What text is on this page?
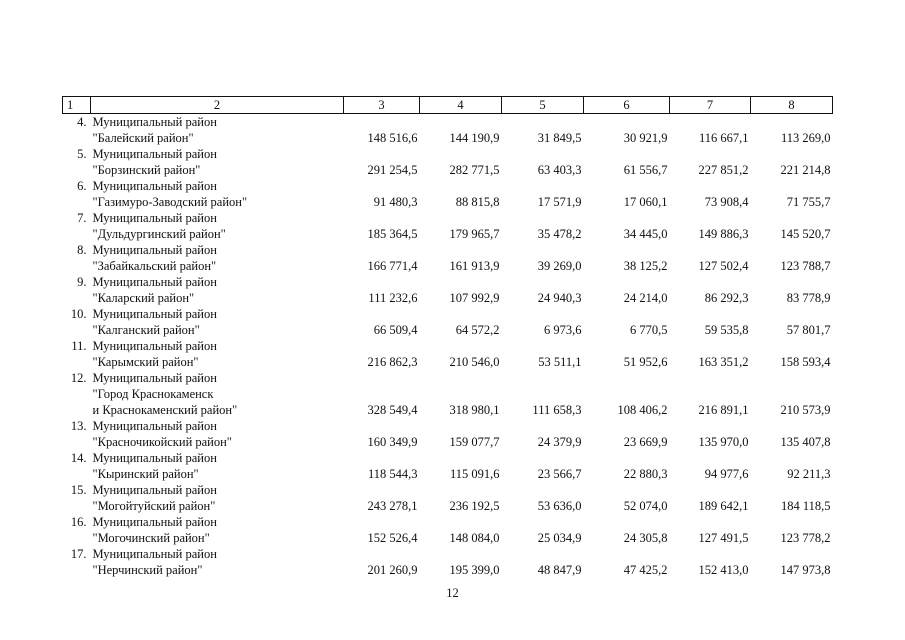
1	2	3	4	5	6	7	8
4.	Муниципальный район
"Балейский район"	148 516,6	144 190,9	31 849,5	30 921,9	116 667,1	113 269,0
5.	Муниципальный район
"Борзинский район"	291 254,5	282 771,5	63 403,3	61 556,7	227 851,2	221 214,8
6.	Муниципальный район
"Газимуро-Заводский район"	91 480,3	88 815,8	17 571,9	17 060,1	73 908,4	71 755,7
7.	Муниципальный район
"Дульдургинский район"	185 364,5	179 965,7	35 478,2	34 445,0	149 886,3	145 520,7
8.	Муниципальный район
"Забайкальский район"	166 771,4	161 913,9	39 269,0	38 125,2	127 502,4	123 788,7
9.	Муниципальный район
"Каларский район"	111 232,6	107 992,9	24 940,3	24 214,0	86 292,3	83 778,9
10.	Муниципальный район
"Калганский район"	66 509,4	64 572,2	6 973,6	6 770,5	59 535,8	57 801,7
11.	Муниципальный район
"Карымский район"	216 862,3	210 546,0	53 511,1	51 952,6	163 351,2	158 593,4
12.	Муниципальный район
"Город Краснокаменск
и Краснокаменский район"	328 549,4	318 980,1	111 658,3	108 406,2	216 891,1	210 573,9
13.	Муниципальный район
"Красночикойский район"	160 349,9	159 077,7	24 379,9	23 669,9	135 970,0	135 407,8
14.	Муниципальный район
"Кыринский район"	118 544,3	115 091,6	23 566,7	22 880,3	94 977,6	92 211,3
15.	Муниципальный район
"Могойтуйский район"	243 278,1	236 192,5	53 636,0	52 074,0	189 642,1	184 118,5
16.	Муниципальный район
"Могочинский район"	152 526,4	148 084,0	25 034,9	24 305,8	127 491,5	123 778,2
17.	Муниципальный район
"Нерчинский район"	201 260,9	195 399,0	48 847,9	47 425,2	152 413,0	147 973,8
12
